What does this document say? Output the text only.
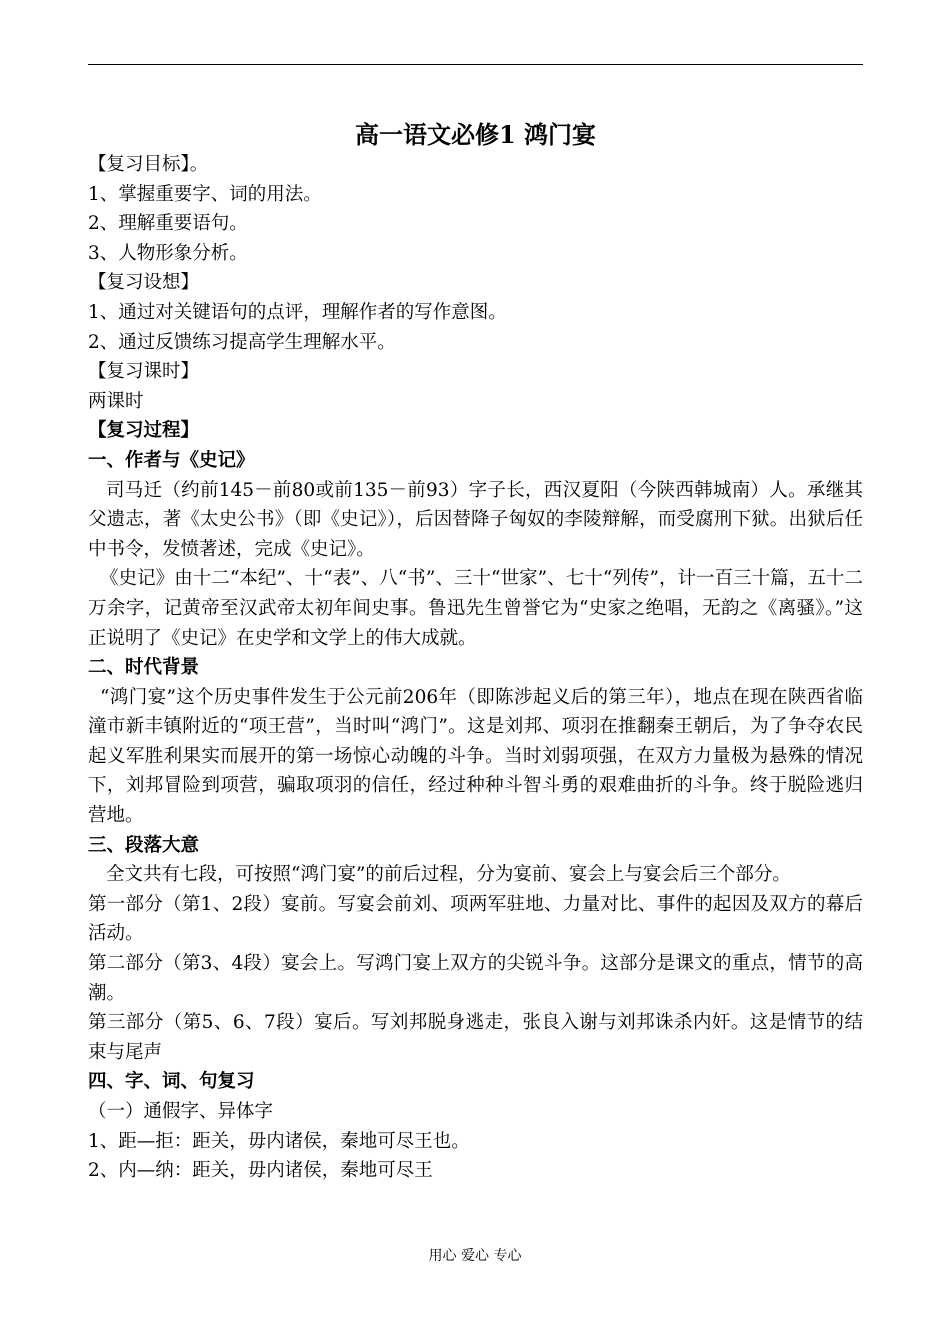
高一语文必修1 鸿门宴

【复习目标】。

1、掌握重要字、词的用法。

2、理解重要语句。

3、人物形象分析。

【复习设想】

1、通过对关键语句的点评，理解作者的写作意图。

2、通过反馈练习提高学生理解水平。

【复习课时】

两课时

【复习过程】

一、作者与《史记》

司马迁（约前145－前80或前135－前93）字子长，西汉夏阳（今陕西韩城南）人。承继其父遗志，著《太史公书》（即《史记》），后因替降子匈奴的李陵辩解，而受腐刑下狱。出狱后任中书令，发愤著述，完成《史记》。

《史记》由十二“本纪”、十“表”、八“书”、三十“世家”、七十“列传”，计一百三十篇，五十二万余字，记黄帝至汉武帝太初年间史事。鲁迅先生曾誉它为“史家之绝唱，无韵之《离骚》。”这正说明了《史记》在史学和文学上的伟大成就。

二、时代背景

“鸿门宴”这个历史事件发生于公元前206年（即陈涉起义后的第三年），地点在现在陕西省临潼市新丰镇附近的“项王营”，当时叫“鸿门”。这是刘邦、项羽在推翻秦王朝后，为了争夺农民起义军胜利果实而展开的第一场惊心动魄的斗争。当时刘弱项强，在双方力量极为悬殊的情况下，刘邦冒险到项营，骗取项羽的信任，经过种种斗智斗勇的艰难曲折的斗争。终于脱险逃归营地。

三、段落大意

全文共有七段，可按照“鸿门宴”的前后过程，分为宴前、宴会上与宴会后三个部分。

第一部分（第1、2段）宴前。写宴会前刘、项两军驻地、力量对比、事件的起因及双方的幕后活动。

第二部分（第3、4段）宴会上。写鸿门宴上双方的尖锐斗争。这部分是课文的重点，情节的高潮。

第三部分（第5、6、7段）宴后。写刘邦脱身逃走，张良入谢与刘邦诛杀内奸。这是情节的结束与尾声

四、字、词、句复习

（一）通假字、异体字

1、距—拒：距关，毋内诸侯，秦地可尽王也。

2、内—纳：距关，毋内诸侯，秦地可尽王

用心 爱心 专心
